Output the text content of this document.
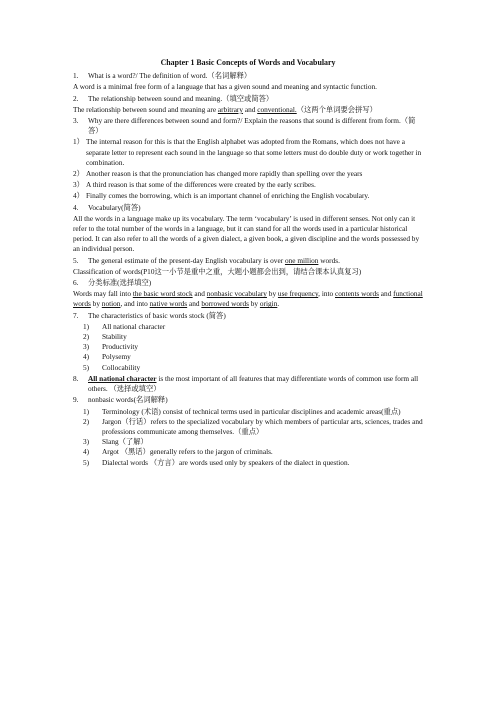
Chapter 1 Basic Concepts of Words and Vocabulary
1.	What is a word?/ The definition of word.（名词解释）
A word is a minimal free form of a language that has a given sound and meaning and syntactic function.
2.	The relationship between sound and meaning.（填空或简答）
The relationship between sound and meaning are arbitrary and conventional.（这两个单词要会拼写）
3.	Why are there differences between sound and form?/ Explain the reasons that sound is different from form.（简答）
1） The internal reason for this is that the English alphabet was adopted from the Romans, which does not have a separate letter to represent each sound in the language so that some letters must do double duty or work together in combination.
2） Another reason is that the pronunciation has changed more rapidly than spelling over the years
3） A third reason is that some of the differences were created by the early scribes.
4） Finally comes the borrowing, which is an important channel of enriching the English vocabulary.
4.	Vocabulary(简答)
All the words in a language make up its vocabulary. The term ‘vocabulary’ is used in different senses. Not only can it refer to the total number of the words in a language, but it can stand for all the words used in a particular historical period. It can also refer to all the words of a given dialect, a given book, a given discipline and the words possessed by an individual person.
5.	The general estimate of the present-day English vocabulary is over one million words.
Classification of words(P10这一小节是重中之重，大题小题都会出到，请结合课本认真复习)
6.	分类标准(选择填空)
Words may fall into the basic word stock and nonbasic vocabulary by use frequency, into contents words and functional words by notion, and into native words and borrowed words by origin.
7.	The characteristics of basic words stock (简答)
1)	All national character
2)	Stability
3)	Productivity
4)	Polysemy
5)	Collocability
8.	All national character is the most important of all features that may differentiate words of common use form all others. （选择或填空）
9.	nonbasic words(名词解释)
1)	Terminology (术语) consist of technical terms used in particular disciplines and academic areas(重点)
2)	Jargon（行话）refers to the specialized vocabulary by which members of particular arts, sciences, trades and professions communicate among themselves.（重点）
3)	Slang（了解）
4)	Argot （黑话）generally refers to the jargon of criminals.
5)	Dialectal words （方言）are words used only by speakers of the dialect in question.
